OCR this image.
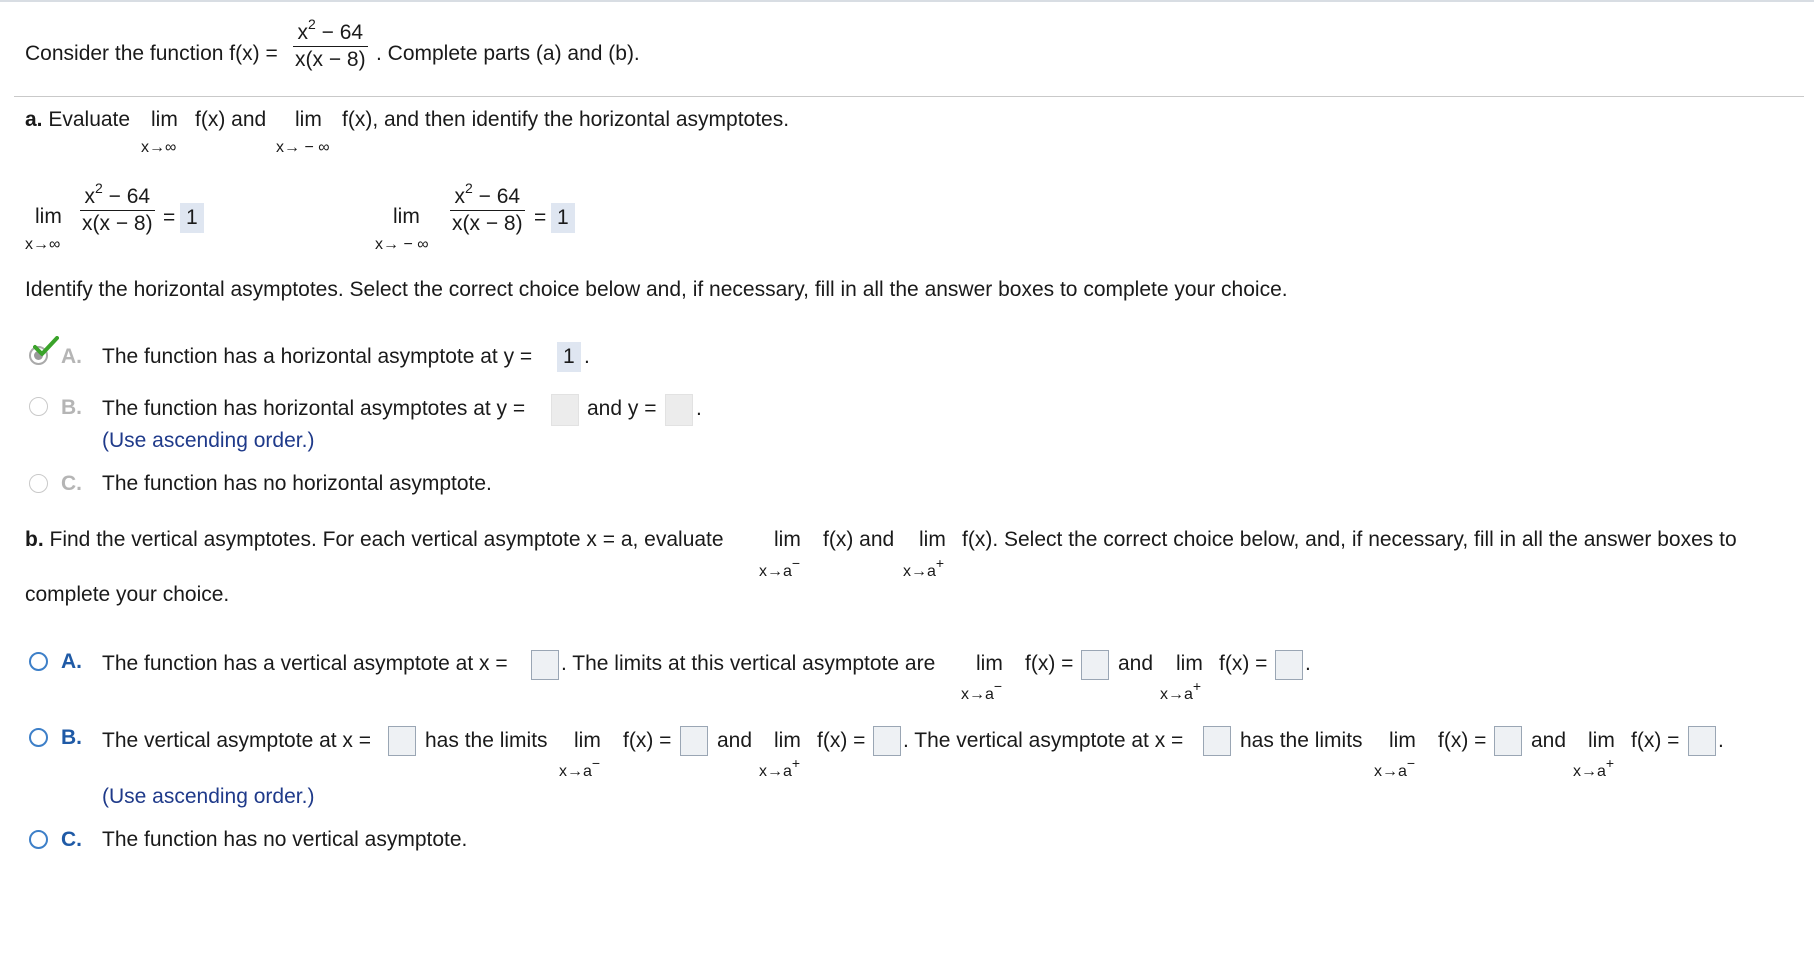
Consider the function $f(x) = \frac{x^2 - 64}{x(x - 8)}$ . Complete parts (a) and (b).
a. Evaluate lim f(x) and lim f(x), and then identify the horizontal asymptotes.
x→∞	x→ − ∞
lim
x→∞
$\frac{x^2 - 64}{x(x - 8)} = 1$	lim
x→ − ∞
$\frac{x^2 - 64}{x(x - 8)} = 1$
Identify the horizontal asymptotes. Select the correct choice below and, if necessary, fill in all the answer boxes to complete your choice.
A. The function has a horizontal asymptote at y = 1 .
B. The function has horizontal asymptotes at y =	and y = .
(Use ascending order.)
C. The function has no horizontal asymptote.
b. Find the vertical asymptotes. For each vertical asymptote x = a, evaluate lim f(x) and lim f(x). Select the correct choice below, and, if necessary, fill in all the answer boxes to
x→a−
x→a+
complete your choice.
A. The function has a vertical asymptote at x =	. The limits at this vertical asymptote are lim
x→a−
f(x) = and lim
x→a+
f(x) = .
B. The vertical asymptote at x =	has the limits lim
x→a−
f(x) = and lim
x→a+
f(x) = . The vertical asymptote at x =	has the limits lim
x→a−
f(x) = and lim
x→a+
f(x) = .
(Use ascending order.)
C. The function has no vertical asymptote.
